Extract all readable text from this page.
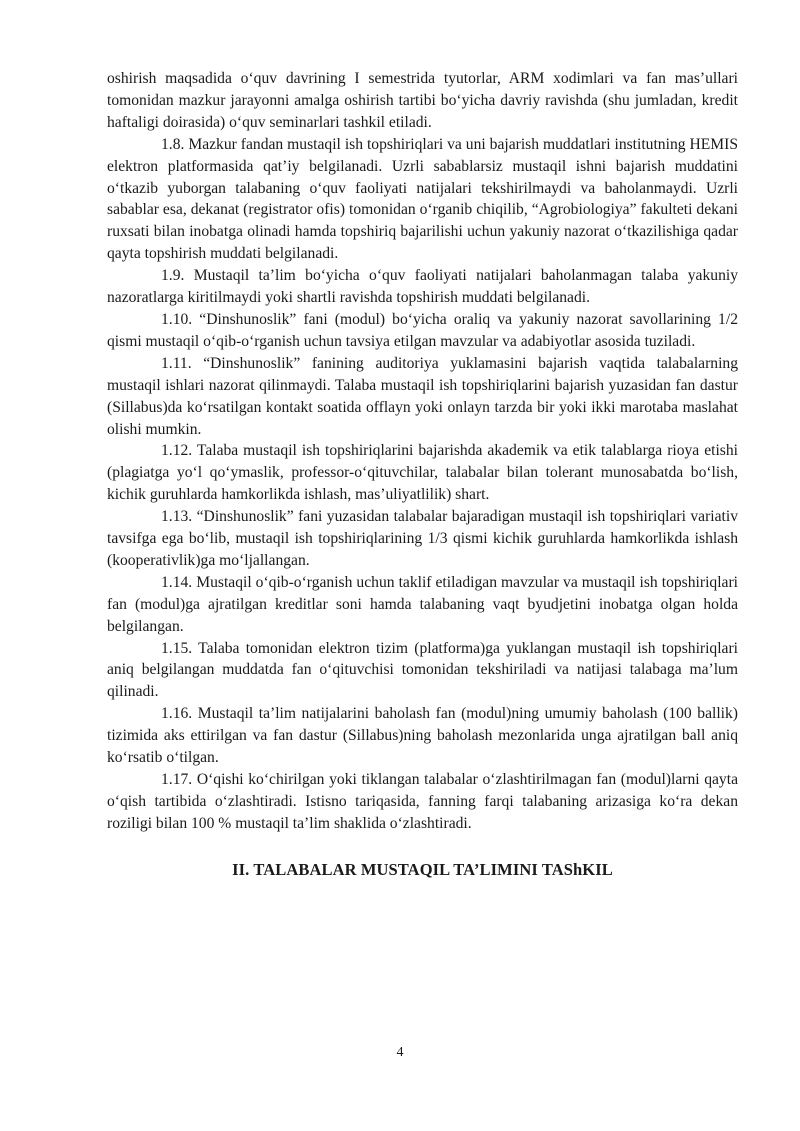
oshirish maqsadida o‘quv davrining I semestrida tyutorlar, ARM xodimlari va fan mas’ullari tomonidan mazkur jarayonni amalga oshirish tartibi bo‘yicha davriy ravishda (shu jumladan, kredit haftaligi doirasida) o‘quv seminarlari tashkil etiladi.

1.8. Mazkur fandan mustaqil ish topshiriqlari va uni bajarish muddatlari institutning HEMIS elektron platformasida qat’iy belgilanadi. Uzrli sabablarsiz mustaqil ishni bajarish muddatini o‘tkazib yuborgan talabaning o‘quv faoliyati natijalari tekshirilmaydi va baholanmaydi. Uzrli sabablar esa, dekanat (registrator ofis) tomonidan o‘rganib chiqilib, “Agrobiologiya” fakulteti dekani ruxsati bilan inobatga olinadi hamda topshiriq bajarilishi uchun yakuniy nazorat o‘tkazilishiga qadar qayta topshirish muddati belgilanadi.

1.9. Mustaqil ta’lim bo‘yicha o‘quv faoliyati natijalari baholanmagan talaba yakuniy nazoratlarga kiritilmaydi yoki shartli ravishda topshirish muddati belgilanadi.

1.10. “Dinshunoslik” fani (modul) bo‘yicha oraliq va yakuniy nazorat savollarining 1/2 qismi mustaqil o‘qib-o‘rganish uchun tavsiya etilgan mavzular va adabiyotlar asosida tuziladi.

1.11. “Dinshunoslik” fanining auditoriya yuklamasini bajarish vaqtida talabalarning mustaqil ishlari nazorat qilinmaydi. Talaba mustaqil ish topshiriqlarini bajarish yuzasidan fan dastur (Sillabus)da ko‘rsatilgan kontakt soatida offlayn yoki onlayn tarzda bir yoki ikki marotaba maslahat olishi mumkin.

1.12. Talaba mustaqil ish topshiriqlarini bajarishda akademik va etik talablarga rioya etishi (plagiatga yo‘l qo‘ymaslik, professor-o‘qituvchilar, talabalar bilan tolerant munosabatda bo‘lish, kichik guruhlarda hamkorlikda ishlash, mas’uliyatlilik) shart.

1.13. “Dinshunoslik” fani yuzasidan talabalar bajaradigan mustaqil ish topshiriqlari variativ tavsifga ega bo‘lib, mustaqil ish topshiriqlarining 1/3 qismi kichik guruhlarda hamkorlikda ishlash (kooperativlik)ga mo‘ljallangan.

1.14. Mustaqil o‘qib-o‘rganish uchun taklif etiladigan mavzular va mustaqil ish topshiriqlari fan (modul)ga ajratilgan kreditlar soni hamda talabaning vaqt byudjetini inobatga olgan holda belgilangan.

1.15. Talaba tomonidan elektron tizim (platforma)ga yuklangan mustaqil ish topshiriqlari aniq belgilangan muddatda fan o‘qituvchisi tomonidan tekshiriladi va natijasi talabaga ma’lum qilinadi.

1.16. Mustaqil ta’lim natijalarini baholash fan (modul)ning umumiy baholash (100 ballik) tizimida aks ettirilgan va fan dastur (Sillabus)ning baholash mezonlarida unga ajratilgan ball aniq ko‘rsatib o‘tilgan.

1.17. O‘qishi ko‘chirilgan yoki tiklangan talabalar o‘zlashtirilmagan fan (modul)larni qayta o‘qish tartibida o‘zlashtiradi. Istisno tariqasida, fanning farqi talabaning arizasiga ko‘ra dekan roziligi bilan 100 % mustaqil ta’lim shaklida o‘zlashtiradi.

II. TALABALAR MUSTAQIL TA’LIMINI TAShKIL
4
